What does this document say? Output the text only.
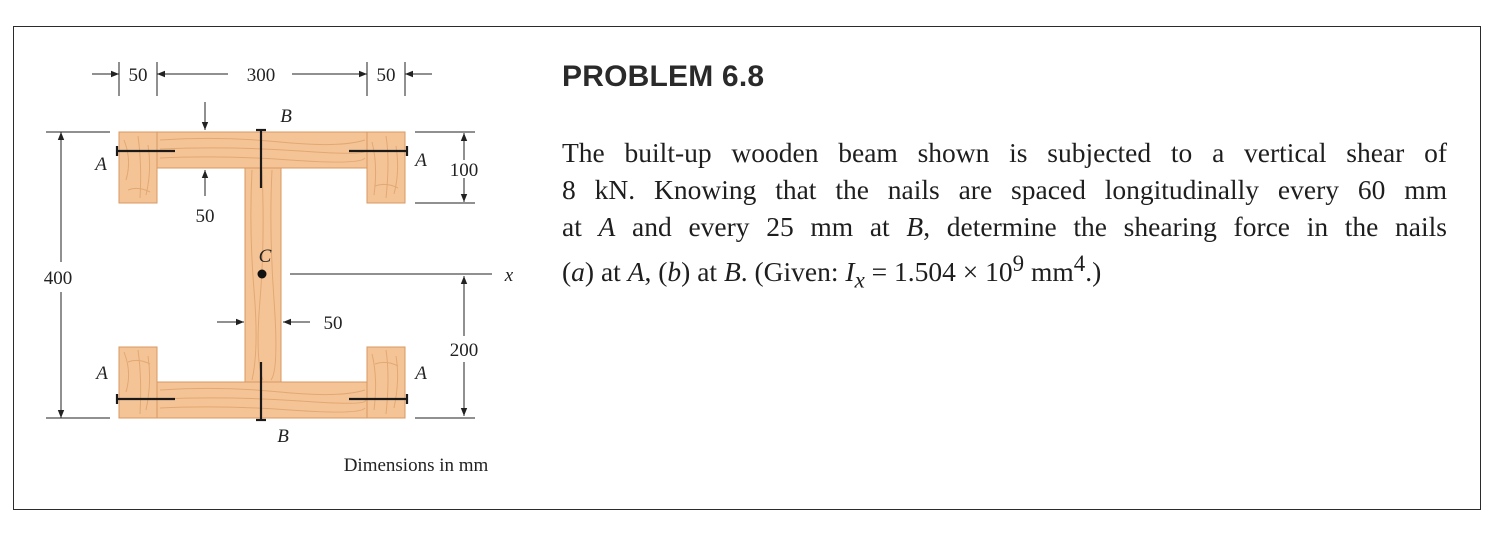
50	300	50
50
B
B
A	A
A	A
400
100
C
x
200
50
Dimensions in mm
PROBLEM 6.8
The built-up wooden beam shown is subjected to a vertical shear of
8 kN. Knowing that the nails are spaced longitudinally every 60 mm
at A and every 25 mm at B, determine the shearing force in the nails
(a) at A, (b) at B. (Given: $I_x = 1.504 \times 10^9$ $mm^4$.)
